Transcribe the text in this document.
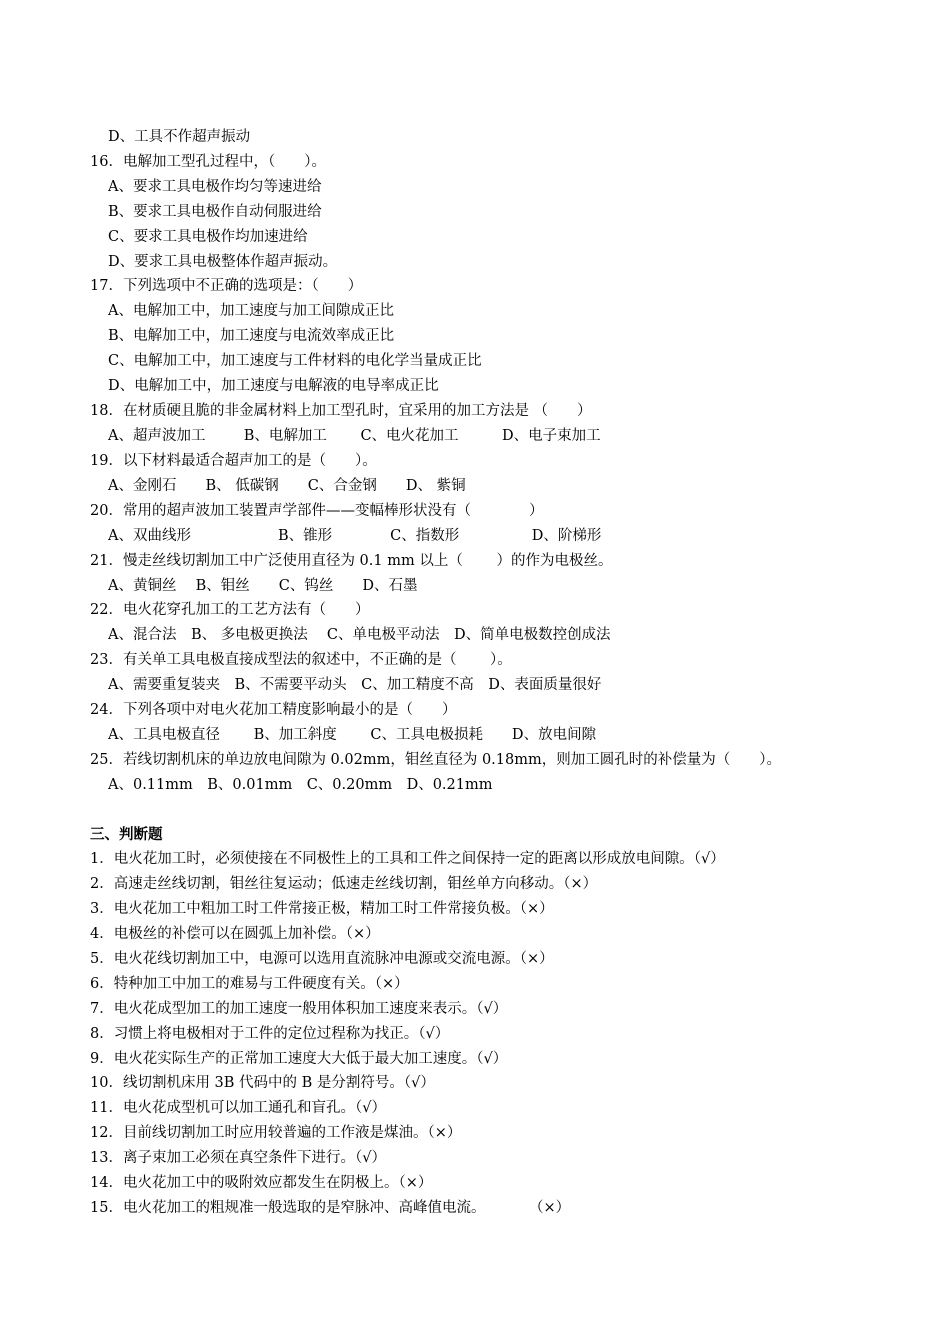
D、工具不作超声振动
16．电解加工型孔过程中，（　　）。
A、要求工具电极作均匀等速进给
B、要求工具电极作自动伺服进给
C、要求工具电极作均加速进给
D、要求工具电极整体作超声振动。
17．下列选项中不正确的选项是：（　　）
A、电解加工中，加工速度与加工间隙成正比
B、电解加工中，加工速度与电流效率成正比
C、电解加工中，加工速度与工件材料的电化学当量成正比
D、电解加工中，加工速度与电解液的电导率成正比
18．在材质硬且脆的非金属材料上加工型孔时，宜采用的加工方法是 （　　）
A、超声波加工 　　 B、电解加工　　 C、电火花加工　　　D、电子束加工
19．以下材料最适合超声加工的是（　　）。
A、金刚石　　B、 低碳钢　　C、合金钢　　D、 紫铜
20．常用的超声波加工装置声学部件——变幅棒形状没有（　　　　）
A、双曲线形　　　　　　B、锥形　　　　C、指数形　　　　　D、阶梯形
21．慢走丝线切割加工中广泛使用直径为 0.1 mm 以上（　　 ）的作为电极丝。
A、黄铜丝 　B、钼丝　　C、钨丝　　D、石墨
22．电火花穿孔加工的工艺方法有（　　）
A、混合法　B、 多电极更换法　 C、单电极平动法　D、简单电极数控创成法
23．有关单工具电极直接成型法的叙述中，不正确的是（　　 ）。
A、需要重复装夹　B、不需要平动头　C、加工精度不高　D、表面质量很好
24．下列各项中对电火花加工精度影响最小的是（　　）
A、工具电极直径　　 B、加工斜度　　 C、工具电极损耗　　D、放电间隙
25．若线切割机床的单边放电间隙为 0.02mm，钼丝直径为 0.18mm，则加工圆孔时的补偿量为（　　）。
A、0.11mm　B、0.01mm　C、0.20mm　D、0.21mm
三、判断题
1．电火花加工时，必须使接在不同极性上的工具和工件之间保持一定的距离以形成放电间隙。（√）
2．高速走丝线切割，钼丝往复运动；低速走丝线切割，钼丝单方向移动。（×）
3．电火花加工中粗加工时工件常接正极，精加工时工件常接负极。（×）
4．电极丝的补偿可以在圆弧上加补偿。（×）
5．电火花线切割加工中，电源可以选用直流脉冲电源或交流电源。（×）
6．特种加工中加工的难易与工件硬度有关。（×）
7．电火花成型加工的加工速度一般用体积加工速度来表示。（√）
8．习惯上将电极相对于工件的定位过程称为找正。（√）
9．电火花实际生产的正常加工速度大大低于最大加工速度。（√）
10．线切割机床用 3B 代码中的 B 是分割符号。（√）
11．电火花成型机可以加工通孔和盲孔。（√）
12．目前线切割加工时应用较普遍的工作液是煤油。（×）
13．离子束加工必须在真空条件下进行。（√）
14．电火花加工中的吸附效应都发生在阴极上。（×）
15．电火花加工的粗规准一般选取的是窄脉冲、高峰值电流。　　　　（×）
